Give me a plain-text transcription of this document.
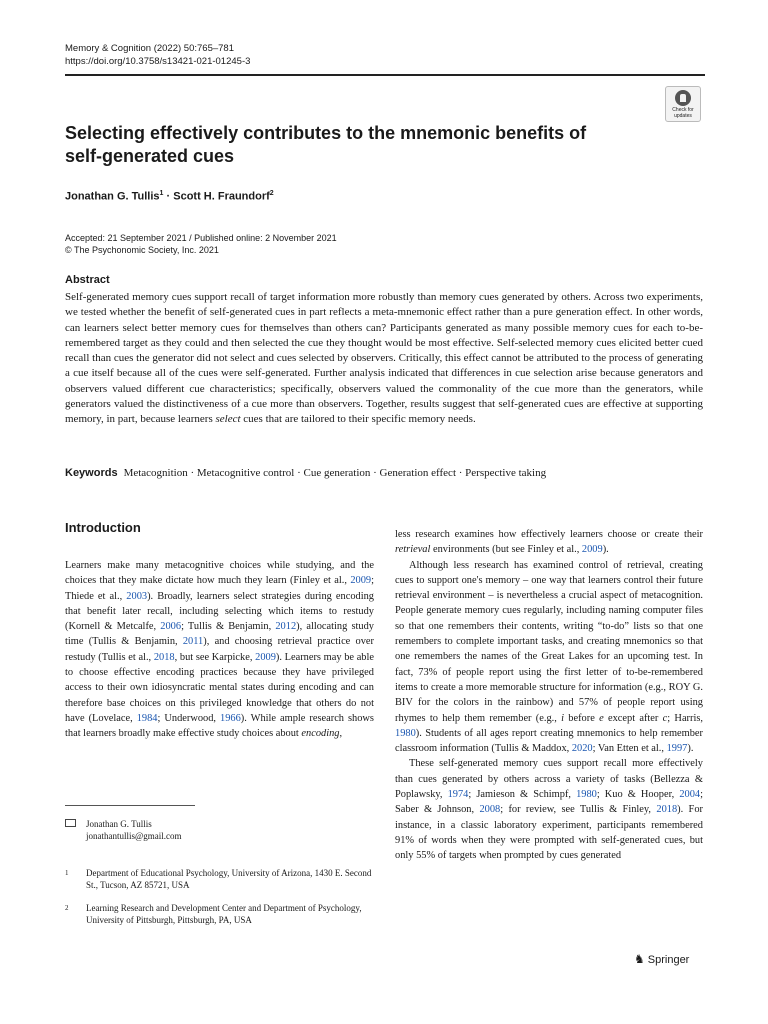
Memory & Cognition (2022) 50:765–781
https://doi.org/10.3758/s13421-021-01245-3
Check for updates
Selecting effectively contributes to the mnemonic benefits of self-generated cues
Jonathan G. Tullis$^1$ · Scott H. Fraundorf$^2$
Accepted: 21 September 2021 / Published online: 2 November 2021
© The Psychonomic Society, Inc. 2021
Abstract
Self-generated memory cues support recall of target information more robustly than memory cues generated by others. Across two experiments, we tested whether the benefit of self-generated cues in part reflects a meta-mnemonic effect rather than a pure generation effect. In other words, can learners select better memory cues for themselves than others can? Participants generated as many possible memory cues for each to-be-remembered target as they could and then selected the cue they thought would be most effective. Self-selected memory cues elicited better cued recall than cues the generator did not select and cues selected by observers. Critically, this effect cannot be attributed to the process of generating a cue itself because all of the cues were self-generated. Further analysis indicated that differences in cue selection arise because generators and observers valued different cue characteristics; specifically, observers valued the commonality of the cue more than the generators, while generators valued the distinctiveness of a cue more than observers. Together, results suggest that self-generated cues are effective at supporting memory, in part, because learners select cues that are tailored to their specific memory needs.
Keywords Metacognition · Metacognitive control · Cue generation · Generation effect · Perspective taking
Introduction

Learners make many metacognitive choices while studying, and the choices that they make dictate how much they learn (Finley et al., 2009; Thiede et al., 2003). Broadly, learners select strategies during encoding that benefit later recall, including selecting which items to restudy (Kornell & Metcalfe, 2006; Tullis & Benjamin, 2012), allocating study time (Tullis & Benjamin, 2011), and choosing retrieval practice over restudy (Tullis et al., 2018, but see Karpicke, 2009). Learners may be able to choose effective encoding practices because they have privileged access to their own idiosyncratic mental states during encoding and can therefore base choices on this privileged knowledge that others do not have (Lovelace, 1984; Underwood, 1966). While ample research shows that learners broadly make effective study choices about encoding,

less research examines how effectively learners choose or create their retrieval environments (but see Finley et al., 2009).

Although less research has examined control of retrieval, creating cues to support one's memory – one way that learners control their future retrieval environment – is nevertheless a crucial aspect of metacognition. People generate memory cues regularly, including naming computer files so that one remembers their contents, writing “to-do” lists so that one remembers to complete important tasks, and creating mnemonics so that one remembers the names of the Great Lakes for an upcoming test. In fact, 73% of people report using the first letter of to-be-remembered items to create a more memorable structure for information (e.g., ROY G. BIV for the colors in the rainbow) and 57% of people report using rhymes to help them remember (e.g., i before e except after c; Harris, 1980). Students of all ages report creating mnemonics to help remember classroom information (Tullis & Maddox, 2020; Van Etten et al., 1997).

These self-generated memory cues support recall more effectively than cues generated by others across a variety of tasks (Bellezza & Poplawsky, 1974; Jamieson & Schimpf, 1980; Kuo & Hooper, 2004; Saber & Johnson, 2008; for review, see Tullis & Finley, 2018). For instance, in a classic laboratory experiment, participants remembered 91% of words when they were prompted with self-generated cues, but only 55% of targets when prompted by cues generated

Jonathan G. Tullis
jonathantullis@gmail.com
1 Department of Educational Psychology, University of Arizona, 1430 E. Second St., Tucson, AZ 85721, USA
2 Learning Research and Development Center and Department of Psychology, University of Pittsburgh, Pittsburgh, PA, USA
♞ Springer
